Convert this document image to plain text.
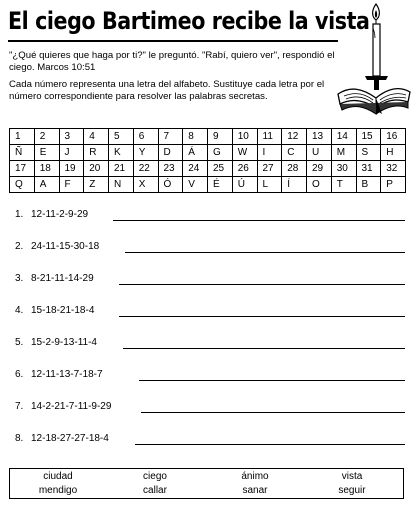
El ciego Bartimeo recibe la vista
"¿Qué quieres que haga por ti?" le preguntó. "Rabí, quiero ver", respondió el ciego. Marcos 10:51
Cada número representa una letra del alfabeto. Sustituye cada letra por el número correspondiente para resolver las palabras secretas.
1	2	3	4	5	6	7	8	9	10	11	12	13	14	15	16
Ñ	E	J	R	K	Y	D	Á	G	W	I	C	U	M	S	H
17	18	19	20	21	22	23	24	25	26	27	28	29	30	31	32
Q	A	F	Z	N	X	Ó	V	É	Ú	L	Í	O	T	B	P
1. 12-11-2-9-29
2. 24-11-15-30-18
3. 8-21-11-14-29
4. 15-18-21-18-4
5. 15-2-9-13-11-4
6. 12-11-13-7-18-7
7. 14-2-21-7-11-9-29
8. 12-18-27-27-18-4
ciudad	ciego	ánimo	vista
mendigo	callar	sanar	seguir
